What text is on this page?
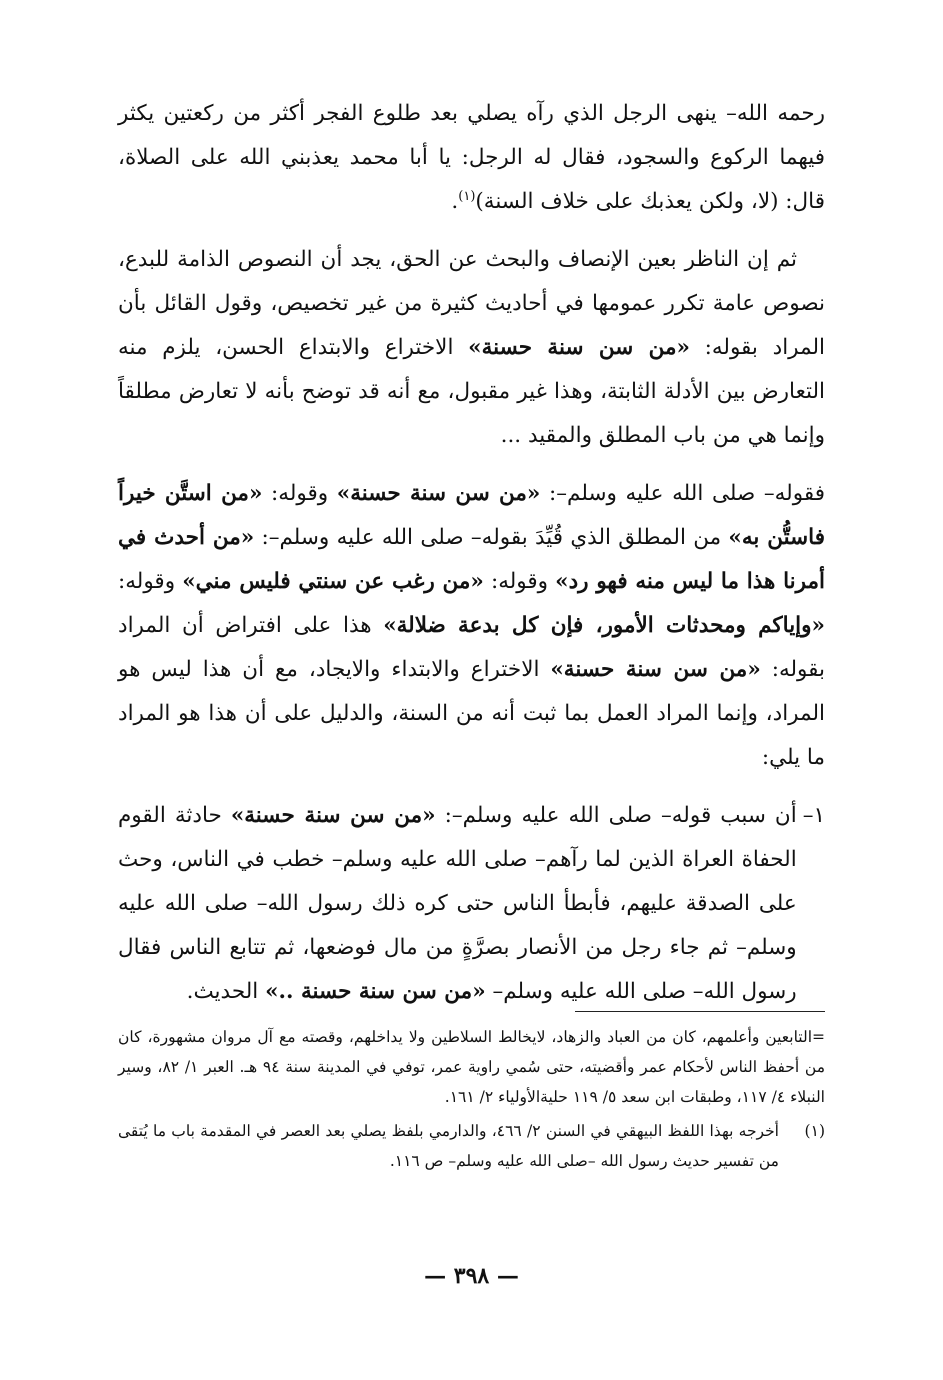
رحمه الله– ينهى الرجل الذي رآه يصلي بعد طلوع الفجر أكثر من ركعتين يكثر فيهما الركوع والسجود، فقال له الرجل: يا أبا محمد يعذبني الله على الصلاة، قال: (لا، ولكن يعذبك على خلاف السنة)$^{(١)}$.

ثم إن الناظر بعين الإنصاف والبحث عن الحق، يجد أن النصوص الذامة للبدع، نصوص عامة تكرر عمومها في أحاديث كثيرة من غير تخصيص، وقول القائل بأن المراد بقوله: «من سن سنة حسنة» الاختراع والابتداع الحسن، يلزم منه التعارض بين الأدلة الثابتة، وهذا غير مقبول، مع أنه قد توضح بأنه لا تعارض مطلقاً وإنما هي من باب المطلق والمقيد ...

فقوله– صلى الله عليه وسلم–: «من سن سنة حسنة» وقوله: «من استَّن خيراً فاستُّن به» من المطلق الذي قُيِّدَ بقوله– صلى الله عليه وسلم–: «من أحدث في أمرنا هذا ما ليس منه فهو رد» وقوله: «من رغب عن سنتي فليس مني» وقوله: «وإياكم ومحدثات الأمور، فإن كل بدعة ضلالة» هذا على افتراض أن المراد بقوله: «من سن سنة حسنة» الاختراع والابتداء والايجاد، مع أن هذا ليس هو المراد، وإنما المراد العمل بما ثبت أنه من السنة، والدليل على أن هذا هو المراد ما يلي:

١–
أن سبب قوله– صلى الله عليه وسلم–: «من سن سنة حسنة» حادثة القوم الحفاة العراة الذين لما رآهم– صلى الله عليه وسلم– خطب في الناس، وحث على الصدقة عليهم، فأبطأ الناس حتى كره ذلك رسول الله– صلى الله عليه وسلم– ثم جاء رجل من الأنصار بصرَّةٍ من مال فوضعها، ثم تتابع الناس فقال رسول الله– صلى الله عليه وسلم– «من سن سنة حسنة ..» الحديث.

=التابعين وأعلمهم، كان من العباد والزهاد، لايخالط السلاطين ولا يداخلهم، وقصته مع آل مروان مشهورة، كان من أحفظ الناس لأحكام عمر وأقضيته، حتى سُمي راوية عمر، توفي في المدينة سنة ٩٤ هـ. العبر ١/ ٨٢، وسير النبلاء ٤/ ١١٧، وطبقات ابن سعد ٥/ ١١٩ حليةالأولياء ٢/ ١٦١.

(١)
أخرجه بهذا اللفظ البيهقي في السنن ٢/ ٤٦٦، والدارمي بلفظ يصلي بعد العصر في المقدمة باب ما يُتقى من تفسير حديث رسول الله –صلى الله عليه وسلم– ص ١١٦.
— ٣٩٨ —
